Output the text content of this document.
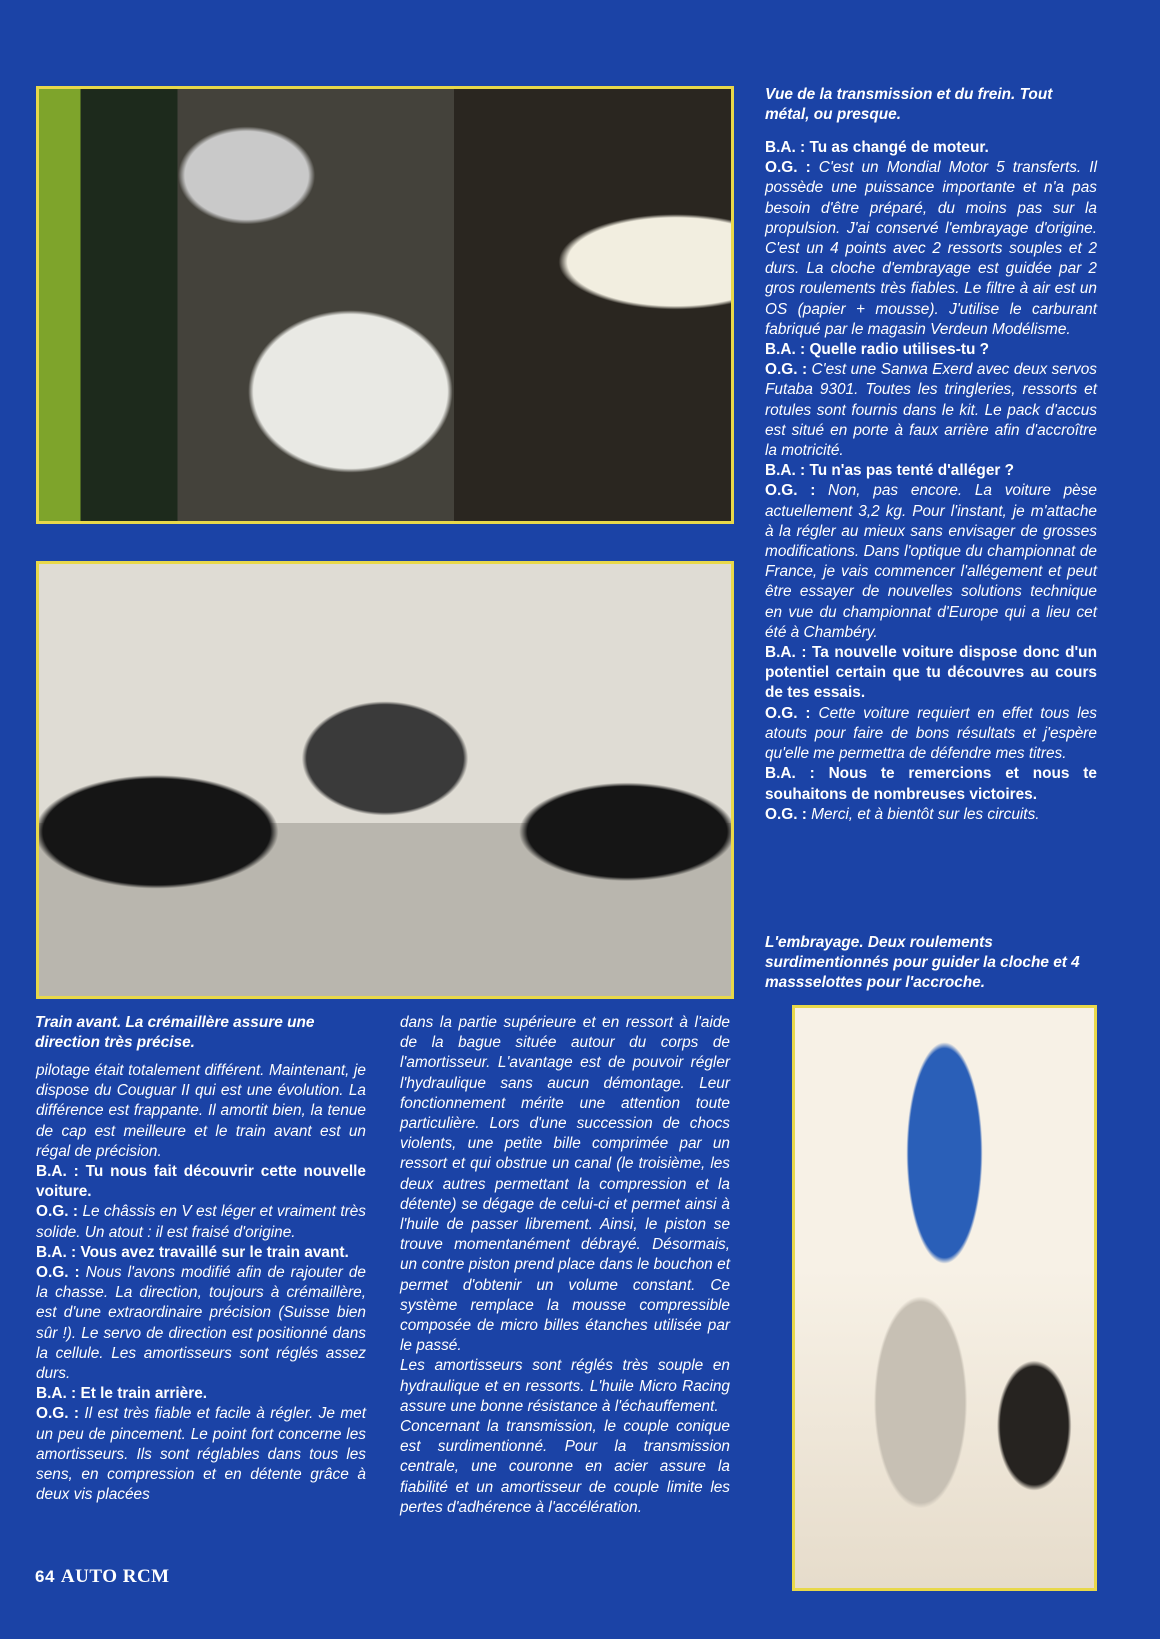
Vue de la transmission et du frein. Tout métal, ou presque.
L'embrayage. Deux roulements surdimentionnés pour guider la cloche et 4 massselottes pour l'accroche.
Train avant. La crémaillère assure une direction très précise.

B.A. : Tu as changé de moteur.

O.G. : C'est un Mondial Motor 5 transferts. Il possède une puissance importante et n'a pas besoin d'être préparé, du moins pas sur la propulsion. J'ai conservé l'embrayage d'origine. C'est un 4 points avec 2 ressorts souples et 2 durs. La cloche d'embrayage est guidée par 2 gros roulements très fiables. Le filtre à air est un OS (papier + mousse). J'utilise le carburant fabriqué par le magasin Verdeun Modélisme.

B.A. : Quelle radio utilises-tu ?

O.G. : C'est une Sanwa Exerd avec deux servos Futaba 9301. Toutes les tringleries, ressorts et rotules sont fournis dans le kit. Le pack d'accus est situé en porte à faux arrière afin d'accroître la motricité.

B.A. : Tu n'as pas tenté d'alléger ?

O.G. : Non, pas encore. La voiture pèse actuellement 3,2 kg. Pour l'instant, je m'attache à la régler au mieux sans envisager de grosses modifications. Dans l'optique du championnat de France, je vais commencer l'allégement et peut être essayer de nouvelles solutions technique en vue du championnat d'Europe qui a lieu cet été à Chambéry.

B.A. : Ta nouvelle voiture dispose donc d'un potentiel certain que tu découvres au cours de tes essais.

O.G. : Cette voiture requiert en effet tous les atouts pour faire de bons résultats et j'espère qu'elle me permettra de défendre mes titres.

B.A. : Nous te remercions et nous te souhaitons de nombreuses victoires.

O.G. : Merci, et à bientôt sur les circuits.

pilotage était totalement différent. Maintenant, je dispose du Couguar II qui est une évolution. La différence est frappante. Il amortit bien, la tenue de cap est meilleure et le train avant est un régal de précision.

B.A. : Tu nous fait découvrir cette nouvelle voiture.

O.G. : Le châssis en V est léger et vraiment très solide. Un atout : il est fraisé d'origine.

B.A. : Vous avez travaillé sur le train avant.

O.G. : Nous l'avons modifié afin de rajouter de la chasse. La direction, toujours à crémaillère, est d'une extraordinaire précision (Suisse bien sûr !). Le servo de direction est positionné dans la cellule. Les amortisseurs sont réglés assez durs.

B.A. : Et le train arrière.

O.G. : Il est très fiable et facile à régler. Je met un peu de pincement. Le point fort concerne les amortisseurs. Ils sont réglables dans tous les sens, en compression et en détente grâce à deux vis placées

dans la partie supérieure et en ressort à l'aide de la bague située autour du corps de l'amortisseur. L'avantage est de pouvoir régler l'hydraulique sans aucun démontage. Leur fonctionnement mérite une attention toute particulière. Lors d'une succession de chocs violents, une petite bille comprimée par un ressort et qui obstrue un canal (le troisième, les deux autres permettant la compression et la détente) se dégage de celui-ci et permet ainsi à l'huile de passer librement. Ainsi, le piston se trouve momentanément débrayé. Désormais, un contre piston prend place dans le bouchon et permet d'obtenir un volume constant. Ce système remplace la mousse compressible composée de micro billes étanches utilisée par le passé.

Les amortisseurs sont réglés très souple en hydraulique et en ressorts. L'huile Micro Racing assure une bonne résistance à l'échauffement.

Concernant la transmission, le couple conique est surdimentionné. Pour la transmission centrale, une couronne en acier assure la fiabilité et un amortisseur de couple limite les pertes d'adhérence à l'accélération.

64 AUTO RCM
